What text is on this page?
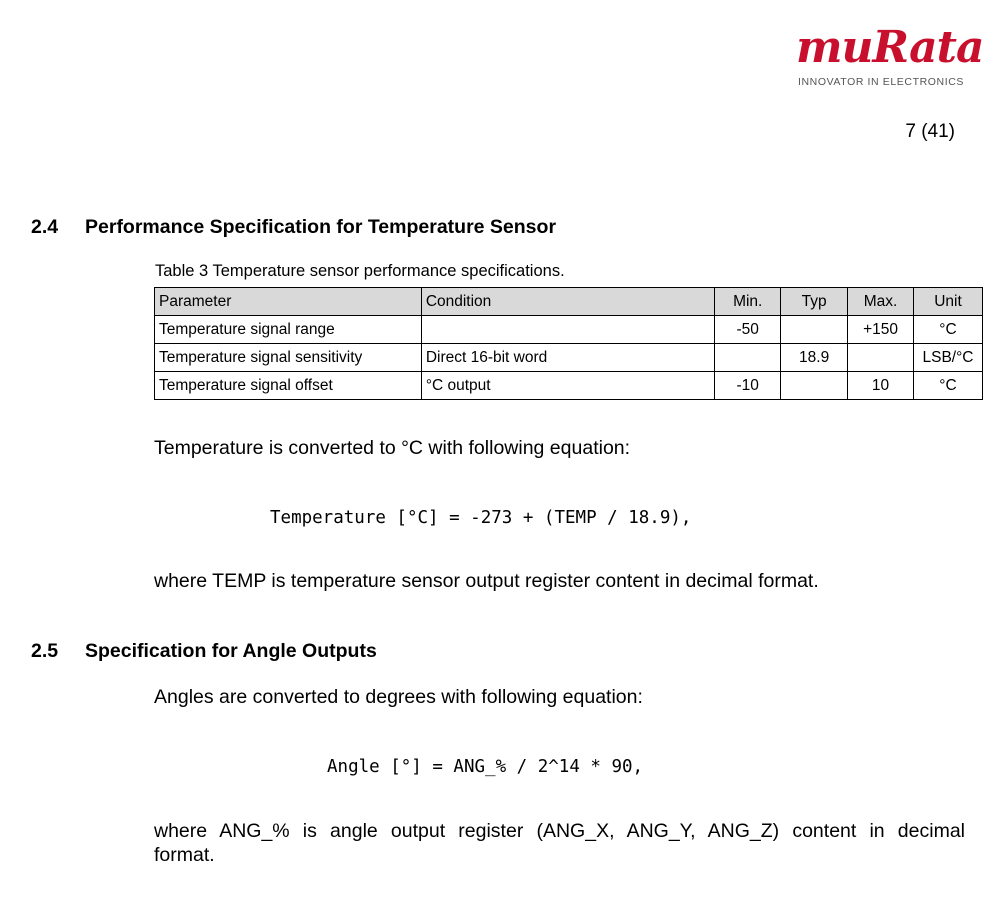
muRata
INNOVATOR IN ELECTRONICS
7 (41)
2.4 Performance Specification for Temperature Sensor
Table 3 Temperature sensor performance specifications.
Parameter	Condition	Min.	Typ	Max.	Unit
Temperature signal range		-50		+150	°C
Temperature signal sensitivity	Direct 16-bit word		18.9		LSB/°C
Temperature signal offset	°C output	-10		10	°C
Temperature is converted to °C with following equation:
Temperature [°C] = -273 + (TEMP / 18.9),
where TEMP is temperature sensor output register content in decimal format.
2.5 Specification for Angle Outputs
Angles are converted to degrees with following equation:
Angle [°] = ANG_% / 2^14 * 90,
where ANG_% is angle output register (ANG_X, ANG_Y, ANG_Z) content in decimal
format.
